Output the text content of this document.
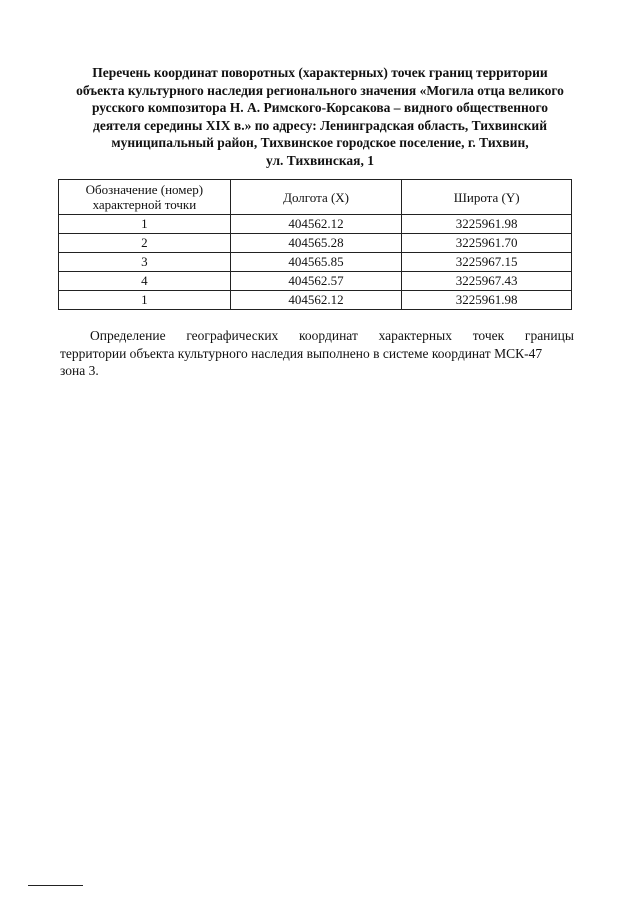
Перечень координат поворотных (характерных) точек границ территории
объекта культурного наследия регионального значения «Могила отца великого
русского композитора Н. А. Римского-Корсакова – видного общественного
деятеля середины XIX в.» по адресу: Ленинградская область, Тихвинский
муниципальный район, Тихвинское городское поселение, г. Тихвин,
ул. Тихвинская, 1
Обозначение (номер) характерной точки	Долгота (X)	Широта (Y)
1	404562.12	3225961.98
2	404565.28	3225961.70
3	404565.85	3225967.15
4	404562.57	3225967.43
1	404562.12	3225961.98
Определение географических координат характерных точек границы
территории объекта культурного наследия выполнено в системе координат МСК-47
зона 3.
